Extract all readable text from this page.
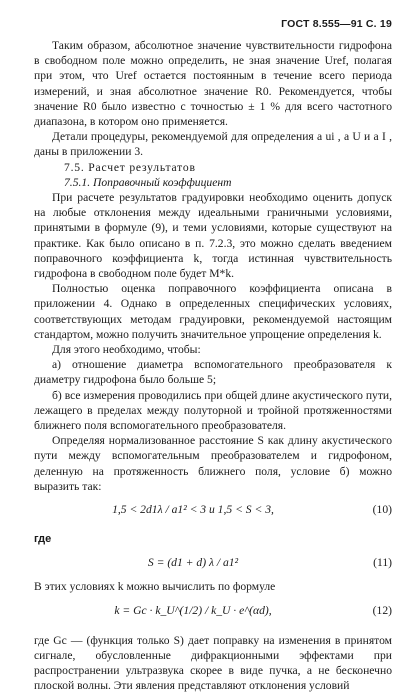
ГОСТ 8.555—91 С. 19

Таким образом, абсолютное значение чувствительности гидрофона в свободном поле можно определить, не зная значение Uref, полагая при этом, что Uref остается постоянным в течение всего периода измерений, и зная абсолютное значение R0. Рекомендуется, чтобы значение R0 было известно с точностью ± 1 % для всего частотного диапазона, в котором оно применяется.

Детали процедуры, рекомендуемой для определения a ui , a U и a I , даны в приложении 3.

7.5. Расчет результатов

7.5.1. Поправочный коэффициент

При расчете результатов градуировки необходимо оценить допуск на любые отклонения между идеальными граничными условиями, принятыми в формуле (9), и теми условиями, которые существуют на практике. Как было описано в п. 7.2.3, это можно сделать введением поправочного коэффициента k, тогда истинная чувствительность гидрофона в свободном поле будет M*k.

Полностью оценка поправочного коэффициента описана в приложении 4. Однако в определенных специфических условиях, соответствующих методам градуировки, рекомендуемой настоящим стандартом, можно получить значительное упрощение определения k.

Для этого необходимо, чтобы:

а) отношение диаметра вспомогательного преобразователя к диаметру гидрофона было больше 5;

б) все измерения проводились при общей длине акустического пути, лежащего в пределах между полуторной и тройной протяженностями ближнего поля вспомогательного преобразователя.

Определяя нормализованное расстояние S как длину акустического пути между вспомогательным преобразователем и гидрофоном, деленную на протяженность ближнего поля, условие б) можно выразить так:

1,5 < 2d1λ / a1² < 3 и 1,5 < S < 3,	(10)

где

S = (d1 + d) λ / a1²	(11)

В этих условиях k можно вычислить по формуле

k = Gc · k_U^(1/2) / k_U · e^(αd),	(12)

где Gc — (функция только S) дает поправку на изменения в принятом сигнале, обусловленные дифракционными эффектами при распространении ультразвука скорее в виде пучка, а не бесконечно плоской волны. Эти явления представляют отклонения условий
